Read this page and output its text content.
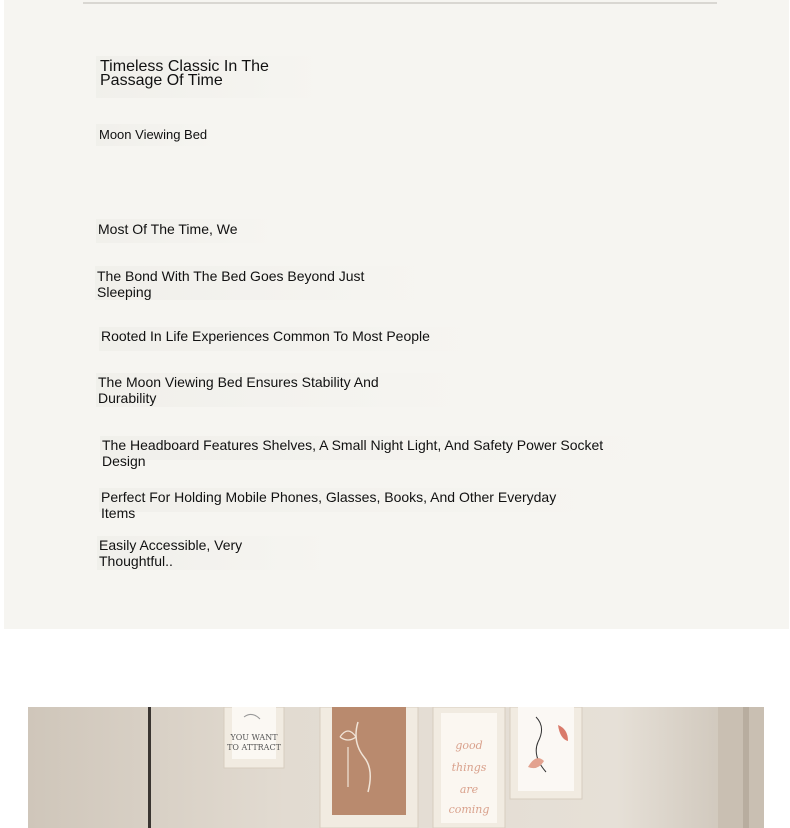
Timeless Classic In The Passage Of Time
Moon Viewing Bed
Most Of The Time, We
The Bond With The Bed Goes Beyond Just Sleeping
Rooted In Life Experiences Common To Most People
The Moon Viewing Bed Ensures Stability And Durability
The Headboard Features Shelves, A Small Night Light, And Safety Power Socket Design
Perfect For Holding Mobile Phones, Glasses, Books, And Other Everyday Items
Easily Accessible, Very Thoughtful..
YOU WANT
TO ATTRACT	good
things
are
coming
